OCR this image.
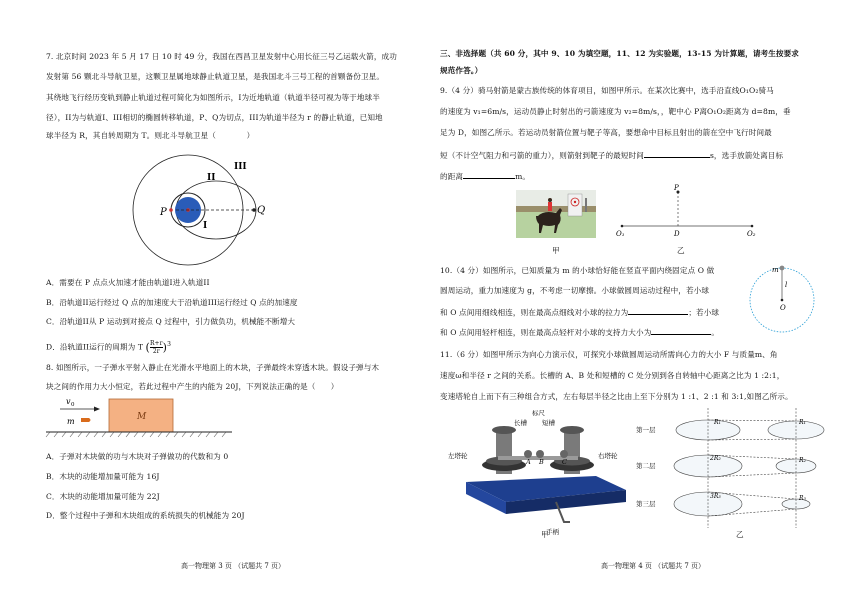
7. 北京时间 2023 年 5 月 17 日 10 时 49 分，我国在西昌卫星发射中心用长征三号乙运载火箭，成功
发射第 56 颗北斗导航卫星，这颗卫星属地球静止轨道卫星，是我国北斗三号工程的首颗备份卫星。
其绕地飞行经历变轨到静止轨道过程可简化为如图所示，I为近地轨道（轨道半径可视为等于地球半
径），II为与轨道I、III相切的椭圆转移轨道，P、Q为切点，III为轨道半径为 r 的静止轨道，已知地
球半径为 R，其自转周期为 T。则北斗导航卫星（　　　　）
III
II
I
P	Q
A．需要在 P 点点火加速才能由轨道I进入轨道II
B．沿轨道II运行经过 Q 点的加速度大于沿轨道III运行经过 Q 点的加速度
C．沿轨道II从 P 运动到对接点 Q 过程中，引力做负功，机械能不断增大
D．沿轨道II运行的周期为 T ( $\frac{R+r}{2r} )^3$
8. 如图所示，一子弹水平射入静止在光滑水平地面上的木块，子弹最终未穿透木块。假设子弹与木
块之间的作用力大小恒定，若此过程中产生的内能为 20J，下列说法正确的是（　　）
v 0
m	M
A．子弹对木块做的功与木块对子弹做功的代数和为 0
B．木块的动能增加量可能为 16J
C．木块的动能增加量可能为 22J
D．整个过程中子弹和木块组成的系统损失的机械能为 20J
高一物理第 3 页 （试题共 7 页）
三、非选择题（共 60 分，其中 9、10 为填空题，11、12 为实验题，13-15 为计算题，请考生按要求
规范作答。）
9.（4 分）骑马射箭是蒙古族传统的体育项目，如图甲所示。在某次比赛中，选手沿直线O₁O₂骑马
的速度为 v₁=6m/s，运动员静止时射出的弓箭速度为 v₂=8m/s，，靶中心 P离O₁O₂距离为 d=8m，垂
足为 D，如图乙所示。若运动员射箭位置与靶子等高，要想命中目标且射出的箭在空中飞行时间最
短（不计空气阻力和弓箭的重力），则箭射到靶子的最短时间	s，选手放箭处离目标
的距离	m。
甲
P
O₁	D	O₂
乙
10.（4 分）如图所示，已知质量为 m 的小球恰好能在竖直平面内绕固定点 O 做
圆周运动，重力加速度为 g，不考虑一切摩擦。小球做圆周运动过程中，若小球
和 O 点间用细线相连，则在最高点细线对小球的拉力为	；若小球
和 O 点间用轻杆相连，则在最高点轻杆对小球的支持力大小为	。
m
l
O
11.（6 分）如图甲所示为向心力演示仪，可探究小球做圆周运动所需向心力的大小 F 与质量m、角
速度ω和半径 r 之间的关系。长槽的 A、B 处和短槽的 C 处分别到各自转轴中心距离之比为 1 :2:1，
变速塔轮自上而下有三种组合方式，左右每层半径之比由上至下分别为 1 :1、2 :1 和 3:1,如图乙所示。
标尺
长槽 短槽
左塔轮	右塔轮
A B	C
手柄
甲
第一层
第二层
第三层
R₁	R₁
2R₂	R₂
3R₃	R₃
乙
高一物理第 4 页 （试题共 7 页）
